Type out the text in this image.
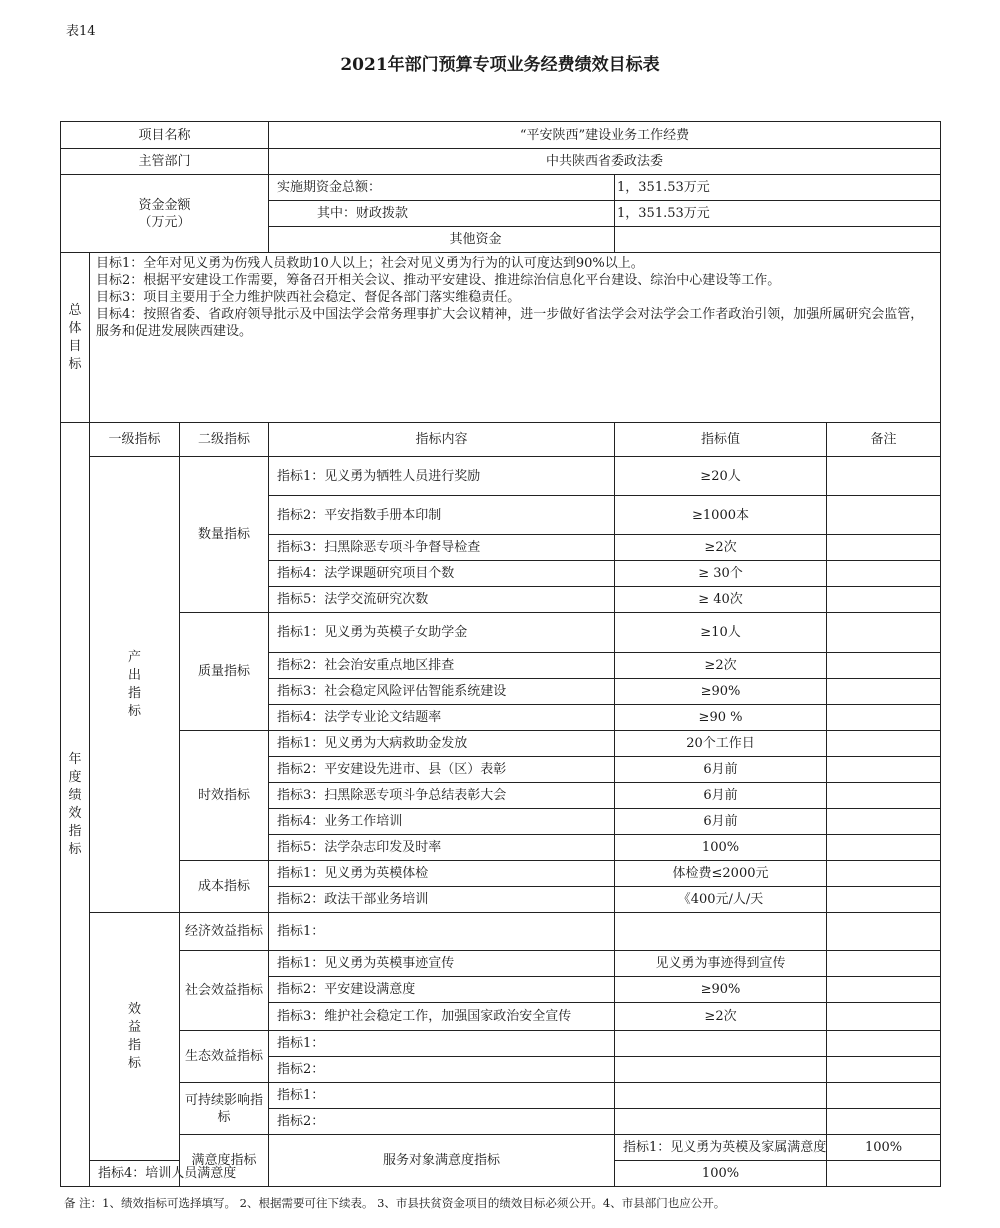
表14
2021年部门预算专项业务经费绩效目标表
项目名称			“平安陕西”建设业务工作经费			
主管部门			中共陕西省委政法委			

资金金额
（万元）			实施期资金总额：	1，351.53万元		
			其中：财政拨款	1，351.53万元		
			其他资金			

总体目标	目标1：全年对见义勇为伤残人员救助10人以上；社会对见义勇为行为的认可度达到90%以上。
目标2：根据平安建设工作需要，筹备召开相关会议、推动平安建设、推进综治信息化平台建设、综治中心建设等工作。
目标3：项目主要用于全力维护陕西社会稳定、督促各部门落实维稳责任。
目标4：按照省委、省政府领导批示及中国法学会常务理事扩大会议精神，进一步做好省法学会对法学会工作者政治引领，加强所属研究会监管，服务和促进发展陕西建设。					

年度绩效指标	一级指标	二级指标	指标内容	指标值	备注	

	产出指标	数量指标	指标1：见义勇为牺牲人员进行奖励	≥20人		
			指标2：平安指数手册本印制	≥1000本		
			指标3：扫黑除恶专项斗争督导检查	≥2次		
			指标4：法学课题研究项目个数	≥ 30个		
			指标5：法学交流研究次数	≥ 40次		
		质量指标	指标1：见义勇为英模子女助学金	≥10人		
			指标2：社会治安重点地区排查	≥2次		
			指标3：社会稳定风险评估智能系统建设	≥90%		
			指标4：法学专业论文结题率	≥90 %		
		时效指标	指标1：见义勇为大病救助金发放	20个工作日		
			指标2：平安建设先进市、县（区）表彰	6月前		
			指标3：扫黑除恶专项斗争总结表彰大会	6月前		
			指标4：业务工作培训	6月前		
			指标5：法学杂志印发及时率	100%		
		成本指标	指标1：见义勇为英模体检	体检费≤2000元		
			指标2：政法干部业务培训	《400元/人/天		

	效益指标	经济效益指标	指标1：			
		社会效益指标	指标1：见义勇为英模事迹宣传	见义勇为事迹得到宣传		
			指标2：平安建设满意度	≥90%		
			指标3：维护社会稳定工作，加强国家政治安全宣传	≥2次		
		生态效益指标	指标1：			
			指标2：			
		可持续影响指标	指标1：			
			指标2：			
		满意度指标	服务对象满意度指标	指标1：见义勇为英模及家属满意度	100%	
	指标4：培训人员满意度			100%		
备 注：1、绩效指标可选择填写。 2、根据需要可往下续表。 3、市县扶贫资金项目的绩效目标必须公开。4、市县部门也应公开。
